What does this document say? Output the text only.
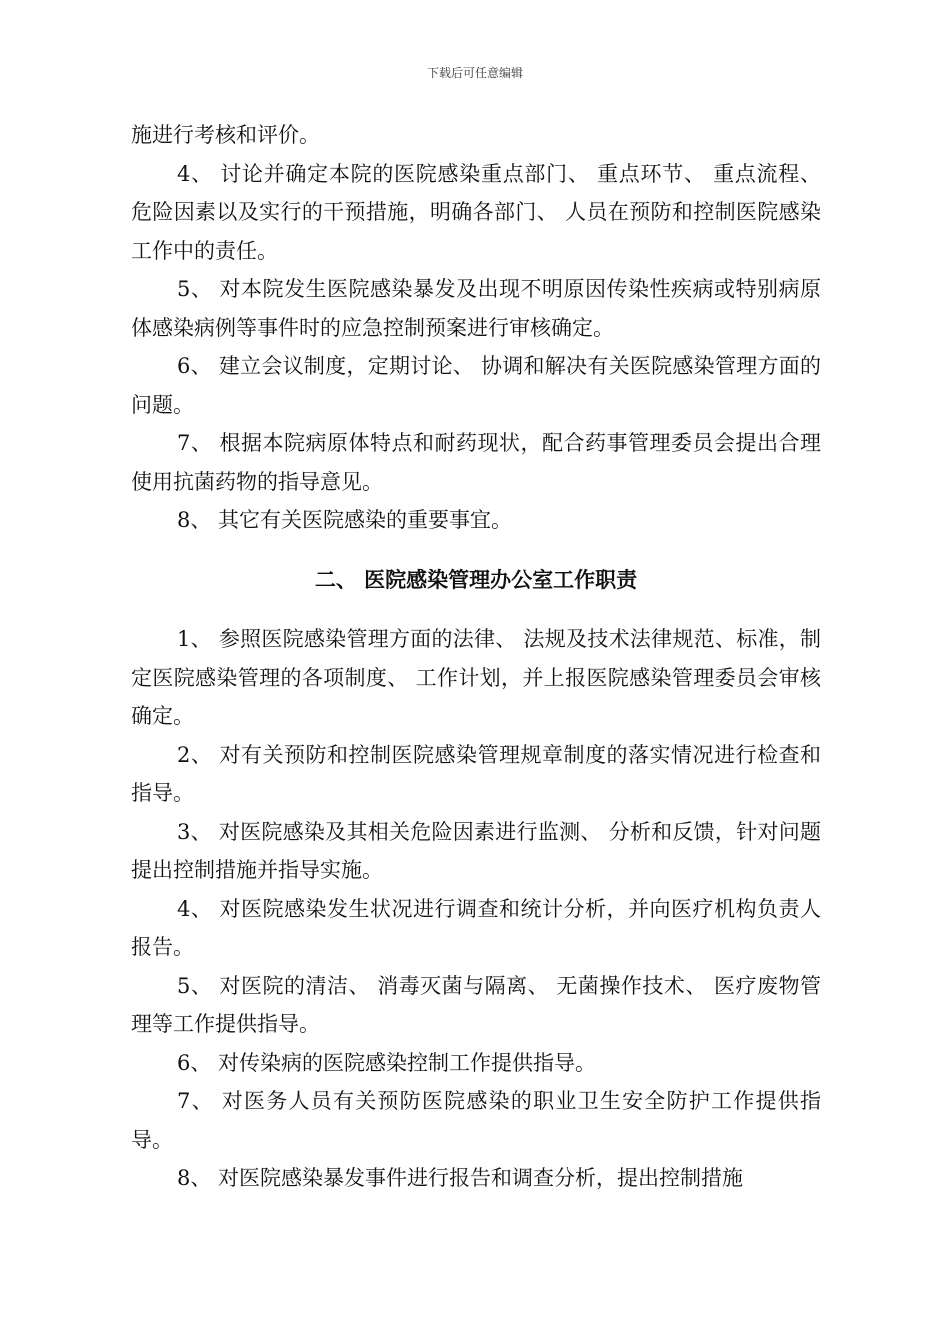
下载后可任意编辑

施进行考核和评价。

4、 讨论并确定本院的医院感染重点部门、 重点环节、 重点流程、 危险因素以及实行的干预措施，明确各部门、 人员在预防和控制医院感染工作中的责任。

5、 对本院发生医院感染暴发及出现不明原因传染性疾病或特别病原体感染病例等事件时的应急控制预案进行审核确定。

6、 建立会议制度，定期讨论、 协调和解决有关医院感染管理方面的问题。

7、 根据本院病原体特点和耐药现状，配合药事管理委员会提出合理使用抗菌药物的指导意见。

8、 其它有关医院感染的重要事宜。

二、 医院感染管理办公室工作职责

1、 参照医院感染管理方面的法律、 法规及技术法律规范、标准，制定医院感染管理的各项制度、 工作计划，并上报医院感染管理委员会审核确定。

2、 对有关预防和控制医院感染管理规章制度的落实情况进行检查和指导。

3、 对医院感染及其相关危险因素进行监测、 分析和反馈，针对问题提出控制措施并指导实施。

4、 对医院感染发生状况进行调查和统计分析，并向医疗机构负责人报告。

5、 对医院的清洁、 消毒灭菌与隔离、 无菌操作技术、 医疗废物管理等工作提供指导。

6、 对传染病的医院感染控制工作提供指导。

7、 对医务人员有关预防医院感染的职业卫生安全防护工作提供指导。

8、 对医院感染暴发事件进行报告和调查分析，提出控制措施
